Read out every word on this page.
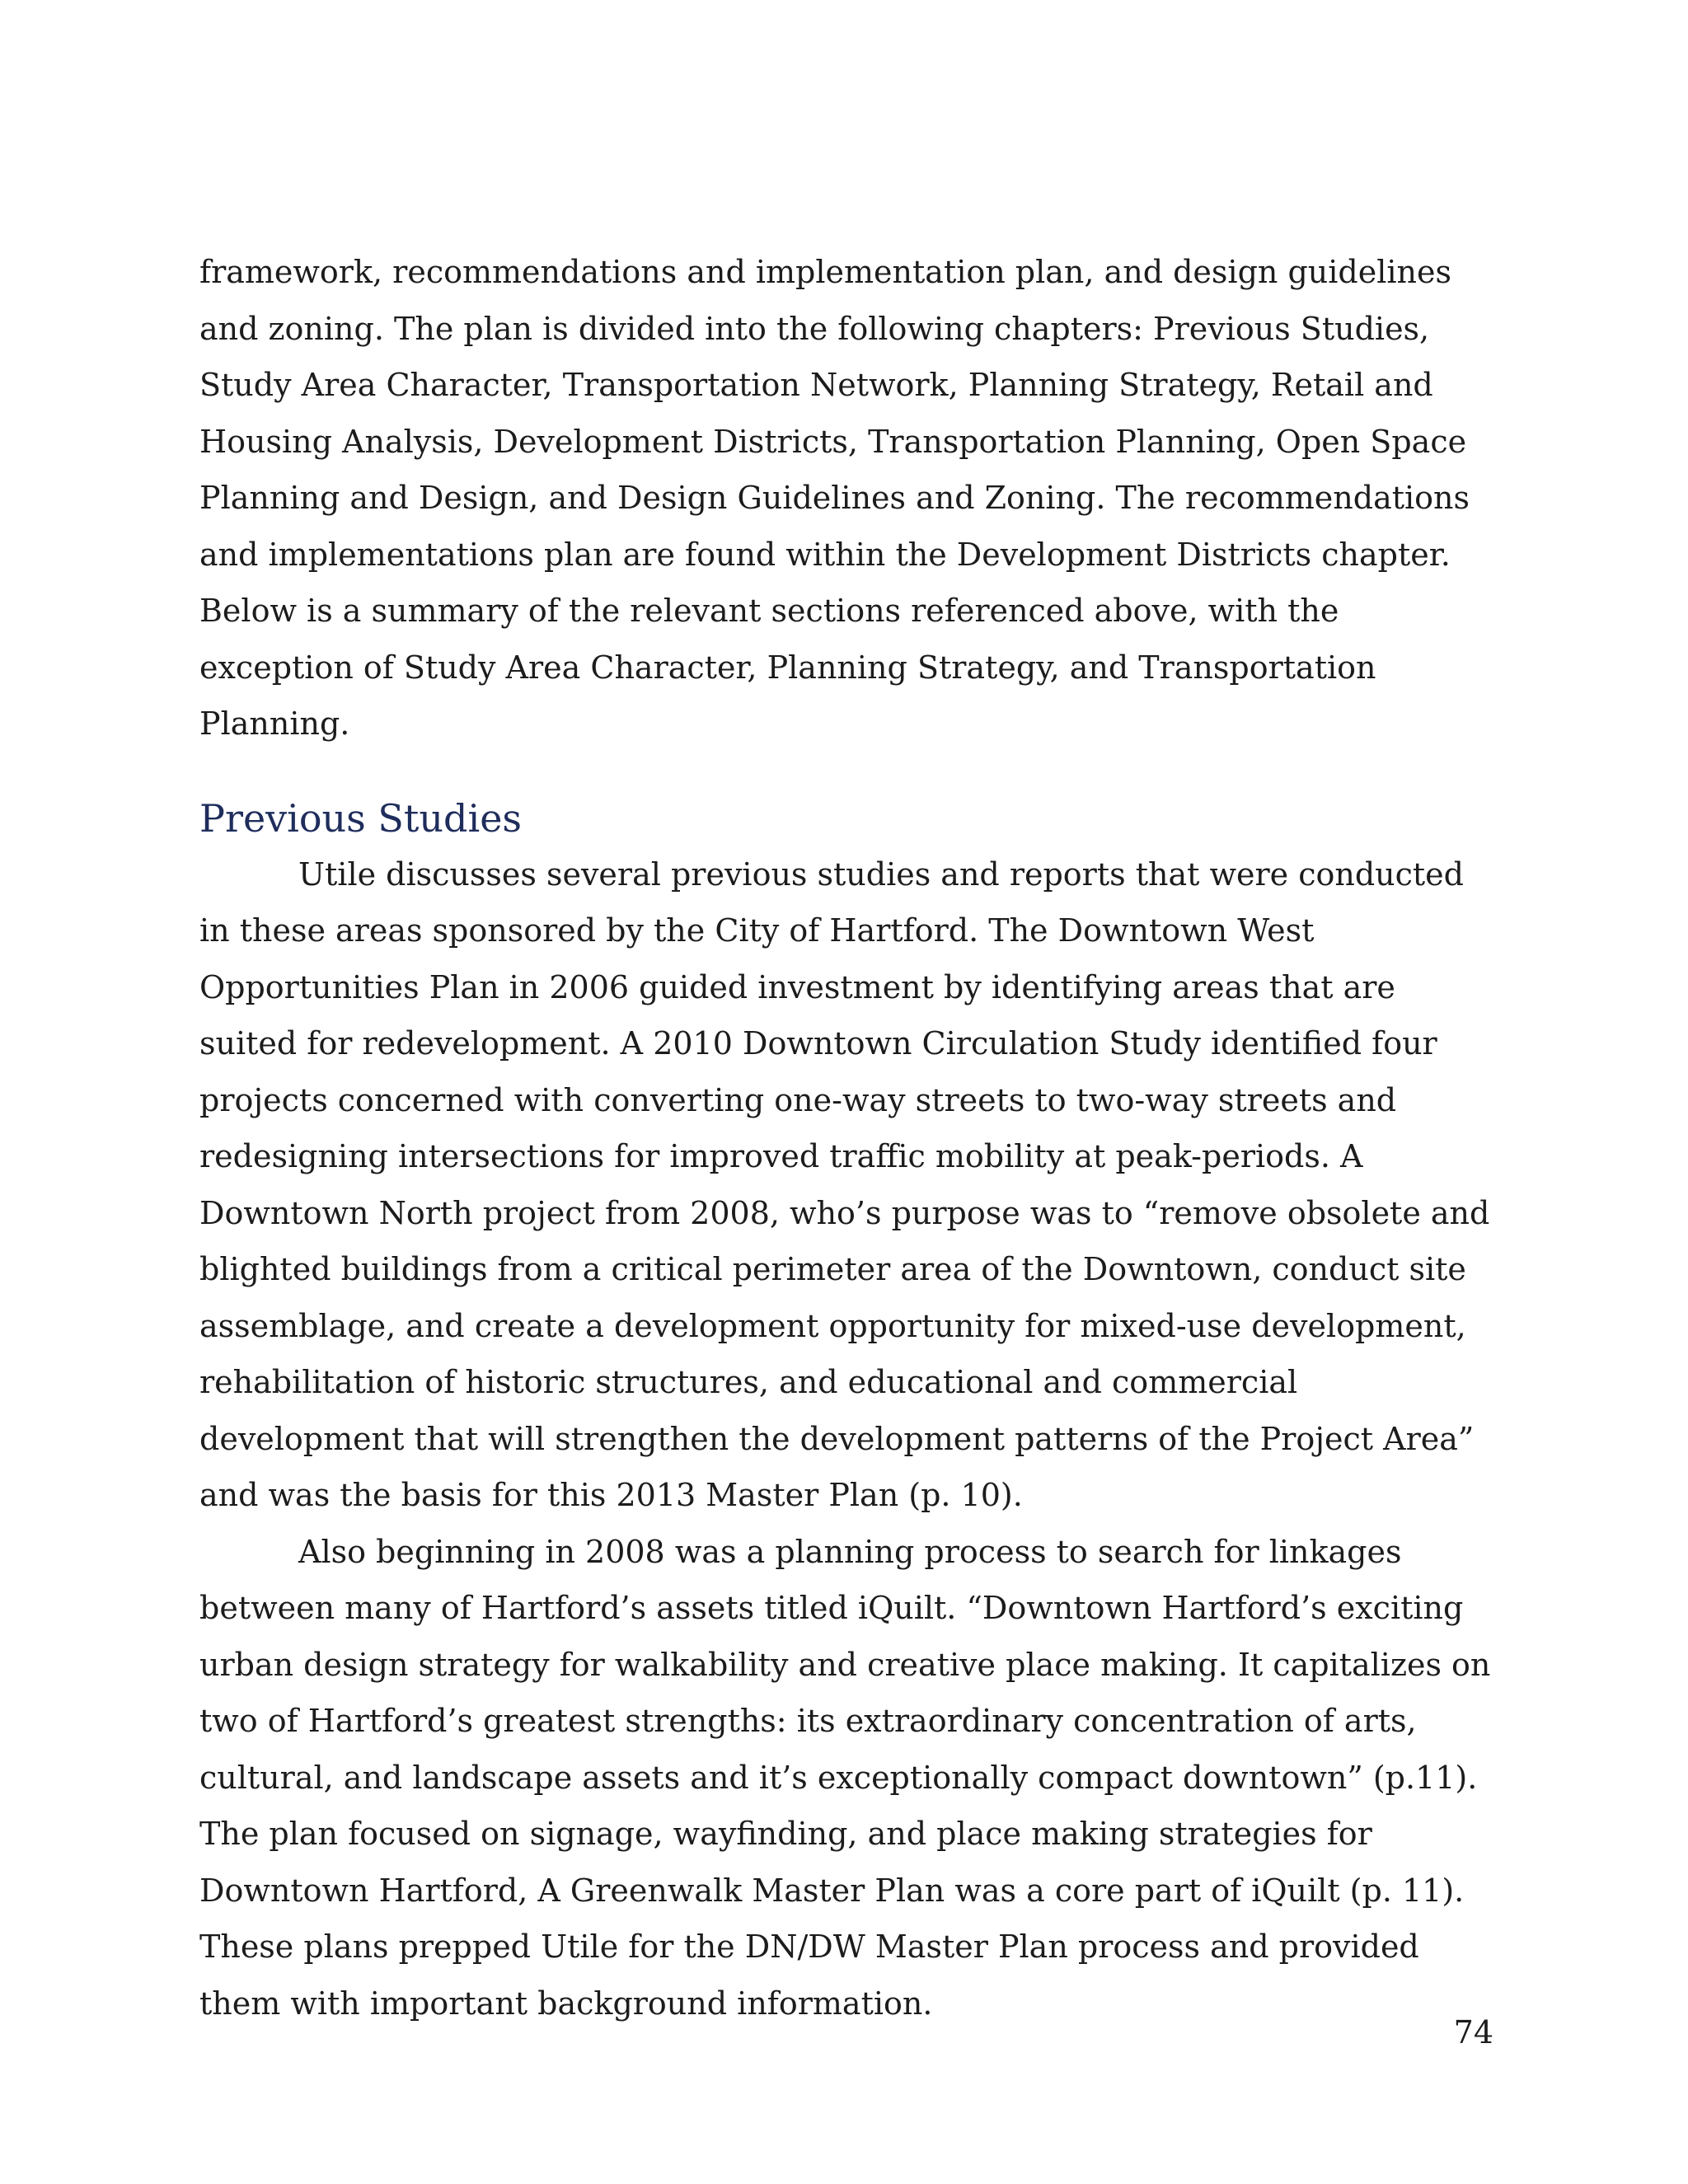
framework, recommendations and implementation plan, and design guidelines and zoning. The plan is divided into the following chapters: Previous Studies, Study Area Character, Transportation Network, Planning Strategy, Retail and Housing Analysis, Development Districts, Transportation Planning, Open Space Planning and Design, and Design Guidelines and Zoning. The recommendations and implementations plan are found within the Development Districts chapter. Below is a summary of the relevant sections referenced above, with the exception of Study Area Character, Planning Strategy, and Transportation Planning.

Previous Studies

Utile discusses several previous studies and reports that were conducted in these areas sponsored by the City of Hartford. The Downtown West Opportunities Plan in 2006 guided investment by identifying areas that are suited for redevelopment. A 2010 Downtown Circulation Study identified four projects concerned with converting one-way streets to two-way streets and redesigning intersections for improved traffic mobility at peak-periods. A Downtown North project from 2008, who’s purpose was to “remove obsolete and blighted buildings from a critical perimeter area of the Downtown, conduct site assemblage, and create a development opportunity for mixed-use development, rehabilitation of historic structures, and educational and commercial development that will strengthen the development patterns of the Project Area” and was the basis for this 2013 Master Plan (p. 10).

Also beginning in 2008 was a planning process to search for linkages between many of Hartford’s assets titled iQuilt. “Downtown Hartford’s exciting urban design strategy for walkability and creative place making. It capitalizes on two of Hartford’s greatest strengths: its extraordinary concentration of arts, cultural, and landscape assets and it’s exceptionally compact downtown” (p.11). The plan focused on signage, wayfinding, and place making strategies for Downtown Hartford, A Greenwalk Master Plan was a core part of iQuilt (p. 11). These plans prepped Utile for the DN/DW Master Plan process and provided them with important background information.

74
